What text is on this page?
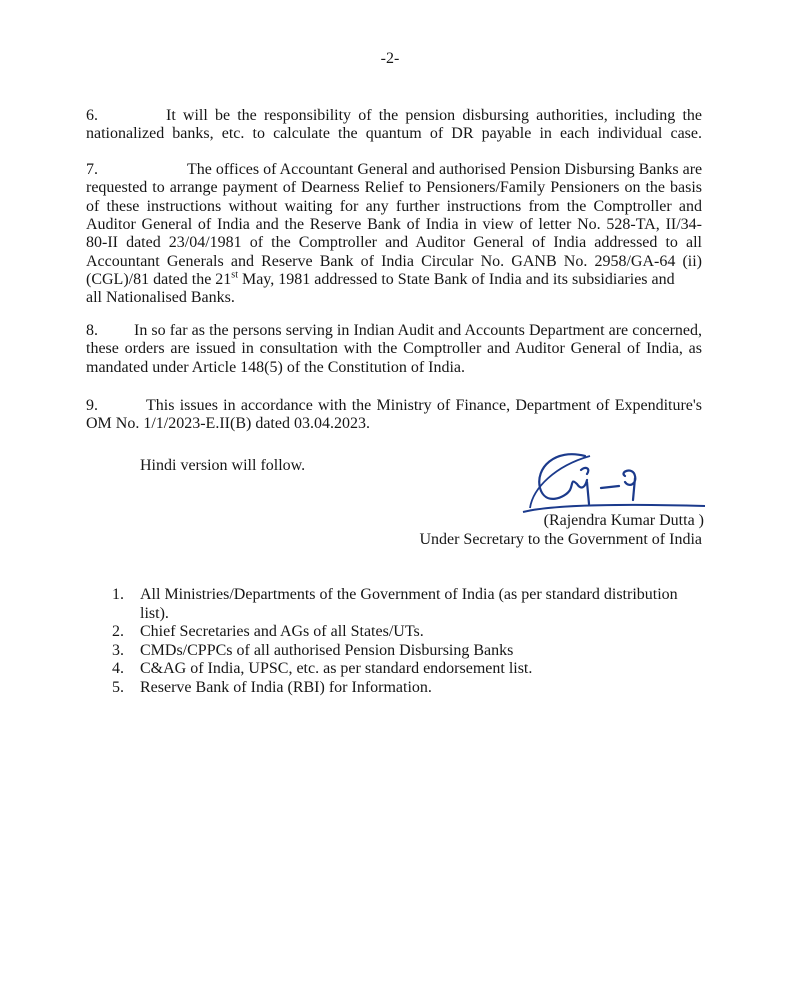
-2-
6.	It will be the responsibility of the pension disbursing authorities, including the
nationalized banks, etc. to calculate the quantum of DR payable in each individual case.
7.	The offices of Accountant General and authorised Pension Disbursing Banks are
requested to arrange payment of Dearness Relief to Pensioners/Family Pensioners on the basis
of these instructions without waiting for any further instructions from the Comptroller and
Auditor General of India and the Reserve Bank of India in view of letter No. 528-TA, II/34-
80-II dated 23/04/1981 of the Comptroller and Auditor General of India addressed to all
Accountant Generals and Reserve Bank of India Circular No. GANB No. 2958/GA-64 (ii)
(CGL)/81 dated the 21st May, 1981 addressed to State Bank of India and its subsidiaries and
all Nationalised Banks.
8. In so far as the persons serving in Indian Audit and Accounts Department are concerned,
these orders are issued in consultation with the Comptroller and Auditor General of India, as
mandated under Article 148(5) of the Constitution of India.
9.	This issues in accordance with the Ministry of Finance, Department of Expenditure's
OM No. 1/1/2023-E.II(B) dated 03.04.2023.
Hindi version will follow.
(Rajendra Kumar Dutta )
Under Secretary to the Government of India
1. All Ministries/Departments of the Government of India (as per standard distribution
list).
2. Chief Secretaries and AGs of all States/UTs.
3. CMDs/CPPCs of all authorised Pension Disbursing Banks
4. C&AG of India, UPSC, etc. as per standard endorsement list.
5. Reserve Bank of India (RBI) for Information.
